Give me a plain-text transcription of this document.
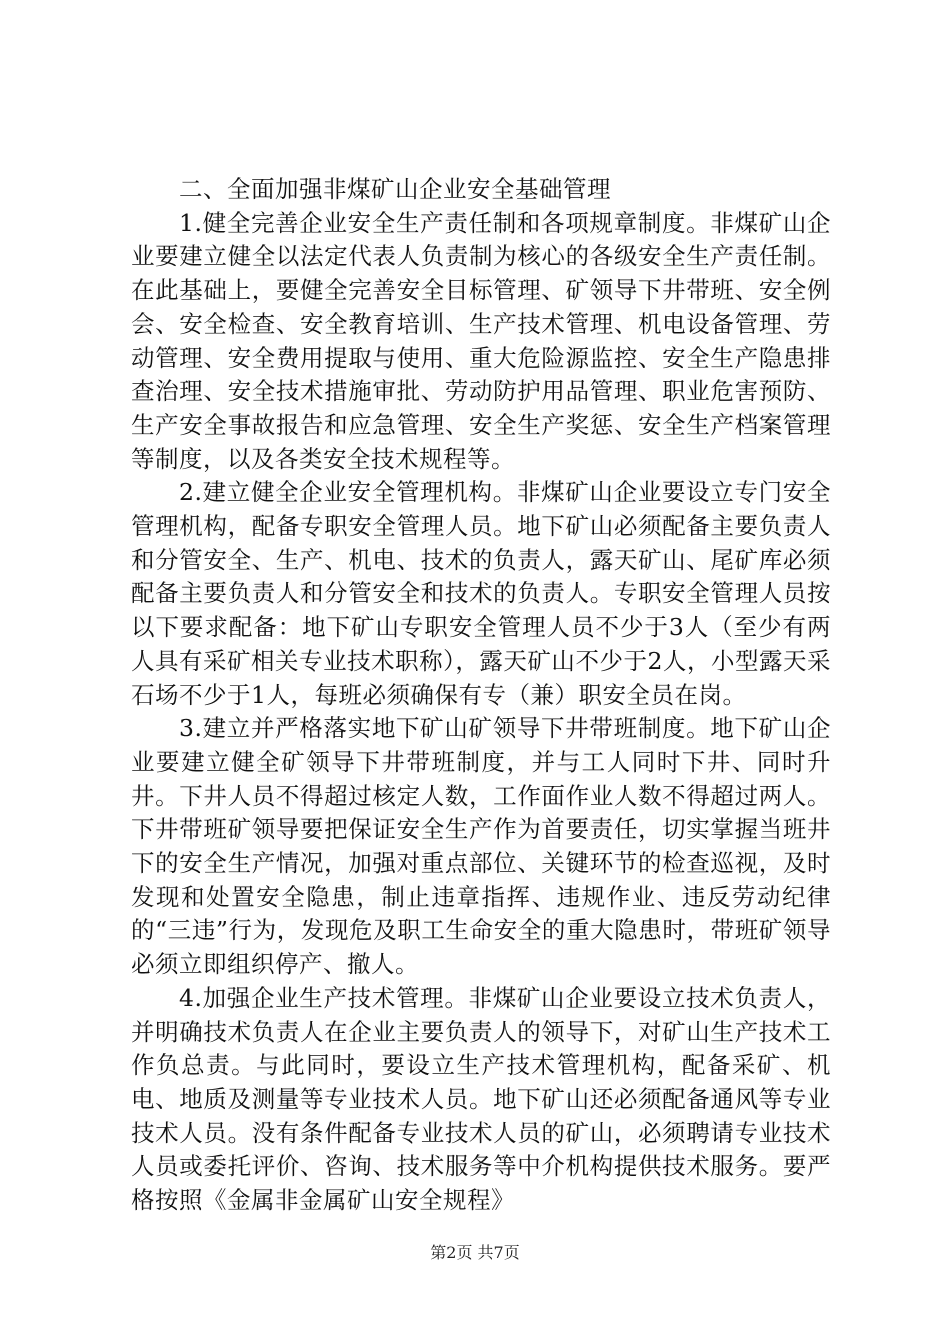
二、全面加强非煤矿山企业安全基础管理

1.健全完善企业安全生产责任制和各项规章制度。非煤矿山企业要建立健全以法定代表人负责制为核心的各级安全生产责任制。在此基础上，要健全完善安全目标管理、矿领导下井带班、安全例会、安全检查、安全教育培训、生产技术管理、机电设备管理、劳动管理、安全费用提取与使用、重大危险源监控、安全生产隐患排查治理、安全技术措施审批、劳动防护用品管理、职业危害预防、生产安全事故报告和应急管理、安全生产奖惩、安全生产档案管理等制度，以及各类安全技术规程等。

2.建立健全企业安全管理机构。非煤矿山企业要设立专门安全管理机构，配备专职安全管理人员。地下矿山必须配备主要负责人和分管安全、生产、机电、技术的负责人，露天矿山、尾矿库必须配备主要负责人和分管安全和技术的负责人。专职安全管理人员按以下要求配备：地下矿山专职安全管理人员不少于3人（至少有两人具有采矿相关专业技术职称），露天矿山不少于2人，小型露天采石场不少于1人，每班必须确保有专（兼）职安全员在岗。

3.建立并严格落实地下矿山矿领导下井带班制度。地下矿山企业要建立健全矿领导下井带班制度，并与工人同时下井、同时升井。下井人员不得超过核定人数，工作面作业人数不得超过两人。下井带班矿领导要把保证安全生产作为首要责任，切实掌握当班井下的安全生产情况，加强对重点部位、关键环节的检查巡视，及时发现和处置安全隐患，制止违章指挥、违规作业、违反劳动纪律的“三违”行为，发现危及职工生命安全的重大隐患时，带班矿领导必须立即组织停产、撤人。

4.加强企业生产技术管理。非煤矿山企业要设立技术负责人，并明确技术负责人在企业主要负责人的领导下，对矿山生产技术工作负总责。与此同时，要设立生产技术管理机构，配备采矿、机电、地质及测量等专业技术人员。地下矿山还必须配备通风等专业技术人员。没有条件配备专业技术人员的矿山，必须聘请专业技术人员或委托评价、咨询、技术服务等中介机构提供技术服务。要严格按照《金属非金属矿山安全规程》

第2页 共7页
